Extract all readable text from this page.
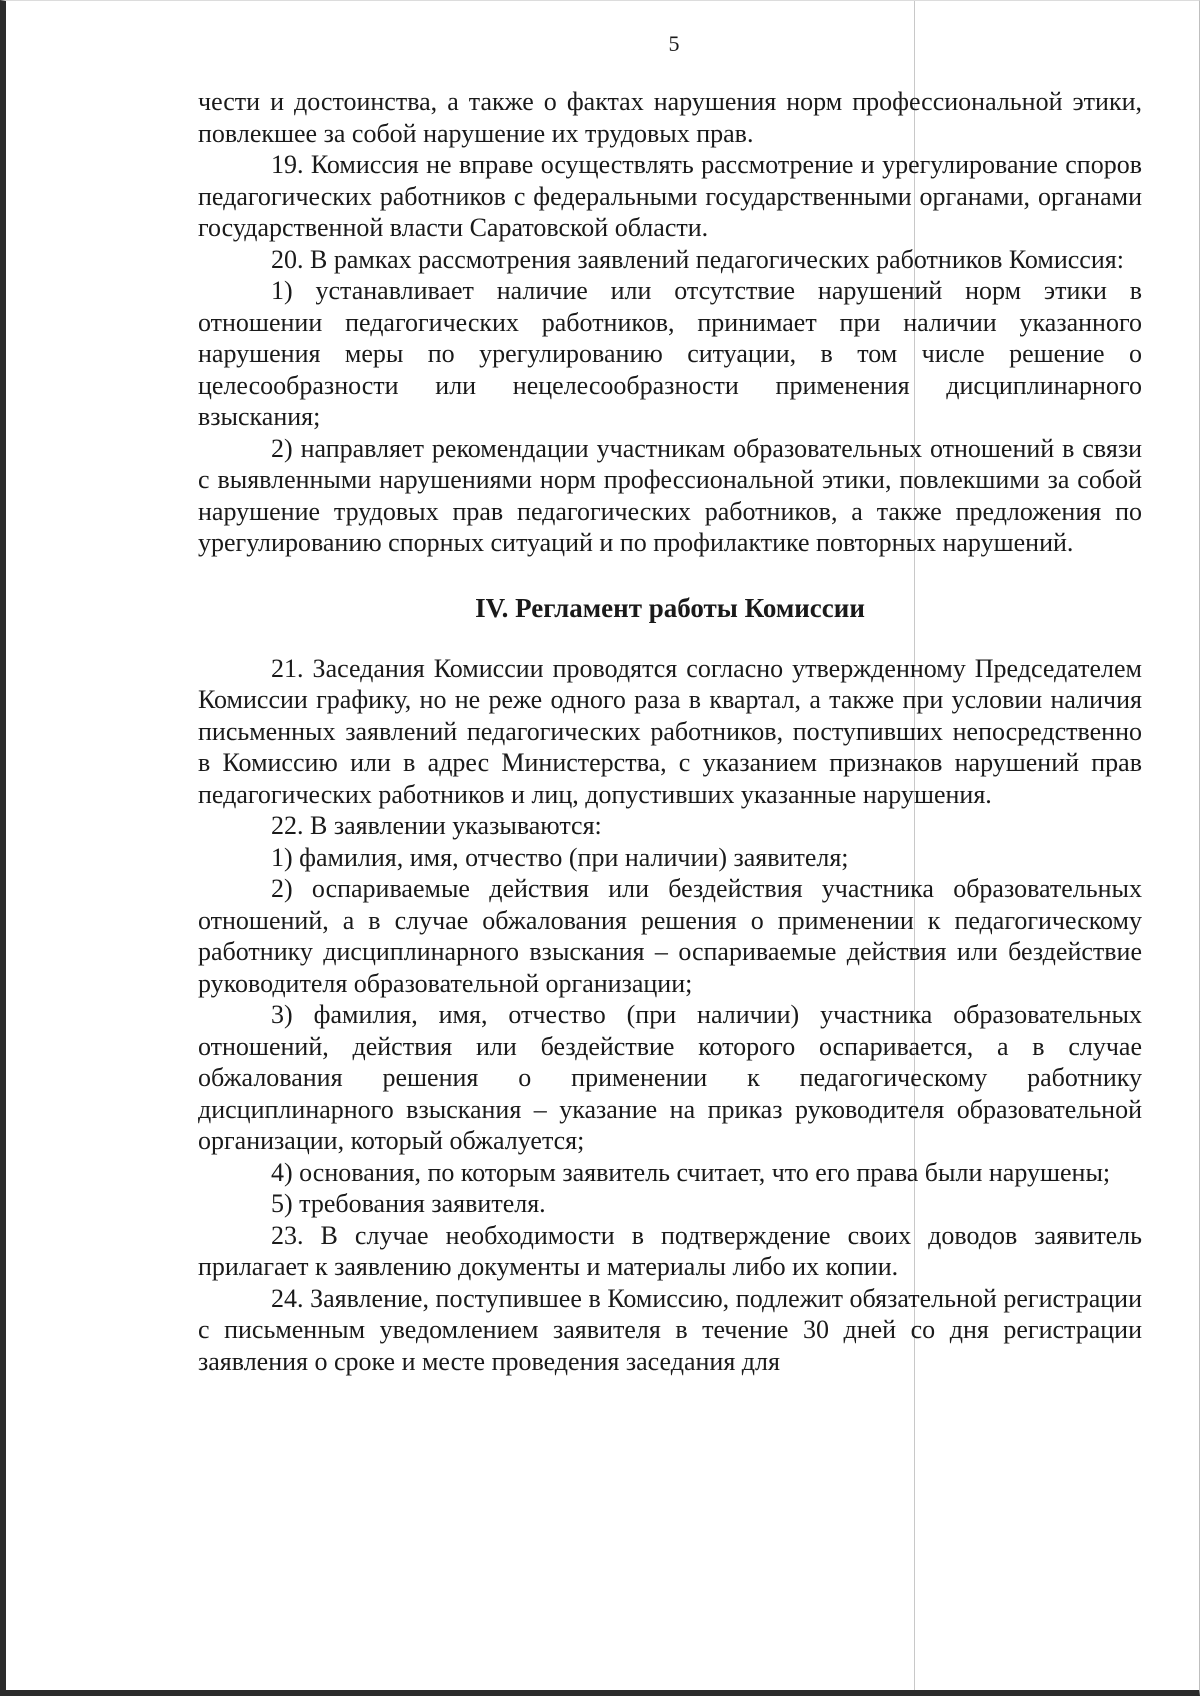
5

чести и достоинства, а также о фактах нарушения норм профессиональной этики, повлекшее за собой нарушение их трудовых прав.

19. Комиссия не вправе осуществлять рассмотрение и урегулирование споров педагогических работников с федеральными государственными органами, органами государственной власти Саратовской области.

20. В рамках рассмотрения заявлений педагогических работников Комиссия:

1) устанавливает наличие или отсутствие нарушений норм этики в отношении педагогических работников, принимает при наличии указанного нарушения меры по урегулированию ситуации, в том числе решение о целесообразности или нецелесообразности применения дисциплинарного взыскания;

2) направляет рекомендации участникам образовательных отношений в связи с выявленными нарушениями норм профессиональной этики, повлекшими за собой нарушение трудовых прав педагогических работников, а также предложения по урегулированию спорных ситуаций и по профилактике повторных нарушений.

IV. Регламент работы Комиссии

21. Заседания Комиссии проводятся согласно утвержденному Председателем Комиссии графику, но не реже одного раза в квартал, а также при условии наличия письменных заявлений педагогических работников, поступивших непосредственно в Комиссию или в адрес Министерства, с указанием признаков нарушений прав педагогических работников и лиц, допустивших указанные нарушения.

22. В заявлении указываются:

1) фамилия, имя, отчество (при наличии) заявителя;

2) оспариваемые действия или бездействия участника образовательных отношений, а в случае обжалования решения о применении к педагогическому работнику дисциплинарного взыскания – оспариваемые действия или бездействие руководителя образовательной организации;

3) фамилия, имя, отчество (при наличии) участника образовательных отношений, действия или бездействие которого оспаривается, а в случае обжалования решения о применении к педагогическому работнику дисциплинарного взыскания – указание на приказ руководителя образовательной организации, который обжалуется;

4) основания, по которым заявитель считает, что его права были нарушены;

5) требования заявителя.

23. В случае необходимости в подтверждение своих доводов заявитель прилагает к заявлению документы и материалы либо их копии.

24. Заявление, поступившее в Комиссию, подлежит обязательной регистрации с письменным уведомлением заявителя в течение 30 дней со дня регистрации заявления о сроке и месте проведения заседания для
